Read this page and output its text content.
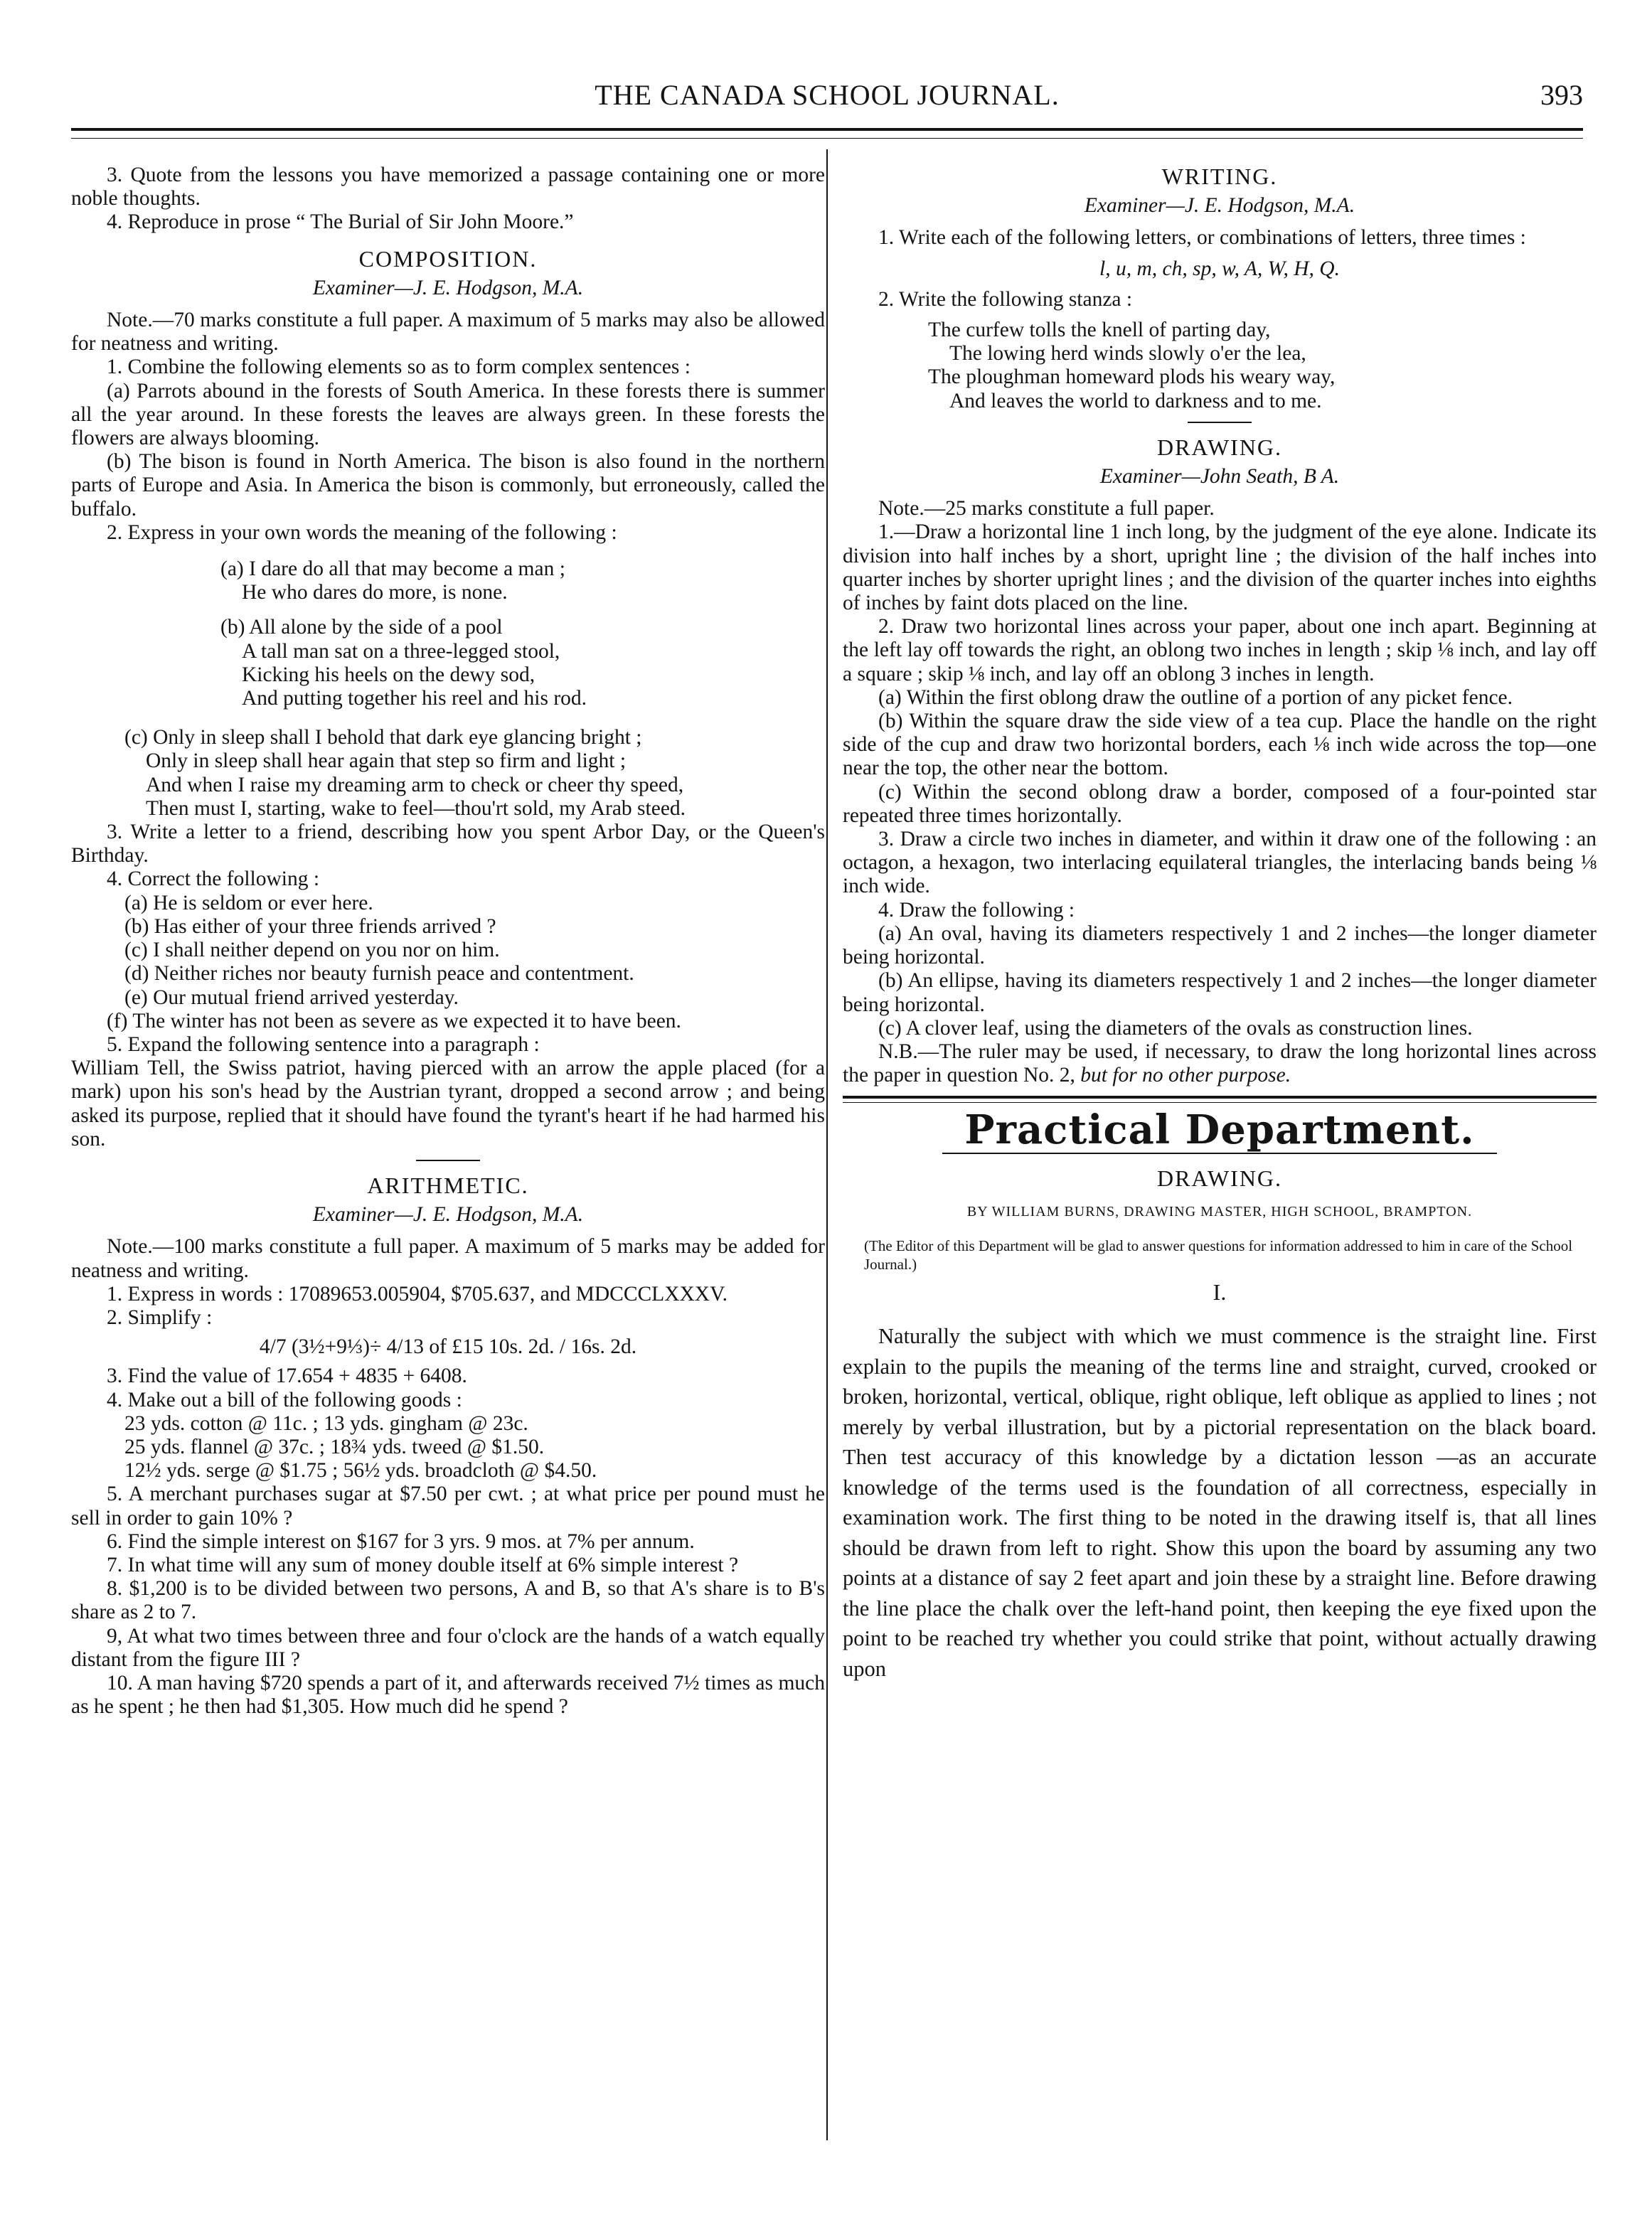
THE CANADA SCHOOL JOURNAL.	393

3. Quote from the lessons you have memorized a passage containing one or more noble thoughts.

4. Reproduce in prose “ The Burial of Sir John Moore.”

COMPOSITION.
Examiner—J. E. Hodgson, M.A.

Note.—70 marks constitute a full paper. A maximum of 5 marks may also be allowed for neatness and writing.

1. Combine the following elements so as to form complex sentences :

(a) Parrots abound in the forests of South America. In these forests there is summer all the year around. In these forests the leaves are always green. In these forests the flowers are always blooming.

(b) The bison is found in North America. The bison is also found in the northern parts of Europe and Asia. In America the bison is commonly, but erroneously, called the buffalo.

2. Express in your own words the meaning of the following :

(a) I dare do all that may become a man ;

He who dares do more, is none.

(b) All alone by the side of a pool

A tall man sat on a three-legged stool,

Kicking his heels on the dewy sod,

And putting together his reel and his rod.

(c) Only in sleep shall I behold that dark eye glancing bright ;

Only in sleep shall hear again that step so firm and light ;

And when I raise my dreaming arm to check or cheer thy speed,

Then must I, starting, wake to feel—thou'rt sold, my Arab steed.

3. Write a letter to a friend, describing how you spent Arbor Day, or the Queen's Birthday.

4. Correct the following :

(a) He is seldom or ever here.

(b) Has either of your three friends arrived ?

(c) I shall neither depend on you nor on him.

(d) Neither riches nor beauty furnish peace and contentment.

(e) Our mutual friend arrived yesterday.

(f) The winter has not been as severe as we expected it to have been.

5. Expand the following sentence into a paragraph :

William Tell, the Swiss patriot, having pierced with an arrow the apple placed (for a mark) upon his son's head by the Austrian tyrant, dropped a second arrow ; and being asked its purpose, replied that it should have found the tyrant's heart if he had harmed his son.

ARITHMETIC.
Examiner—J. E. Hodgson, M.A.

Note.—100 marks constitute a full paper. A maximum of 5 marks may be added for neatness and writing.

1. Express in words : 17089653.005904, $705.637, and MDCCCLXXXV.

2. Simplify :

4/7 (3½+9⅓)÷ 4/13 of £15 10s. 2d. / 16s. 2d.

3. Find the value of 17.654 + 4835 + 6408.

4. Make out a bill of the following goods :

23 yds. cotton @ 11c. ; 13 yds. gingham @ 23c.

25 yds. flannel @ 37c. ; 18¾ yds. tweed @ $1.50.

12½ yds. serge @ $1.75 ; 56½ yds. broadcloth @ $4.50.

5. A merchant purchases sugar at $7.50 per cwt. ; at what price per pound must he sell in order to gain 10% ?

6. Find the simple interest on $167 for 3 yrs. 9 mos. at 7% per annum.

7. In what time will any sum of money double itself at 6% simple interest ?

8. $1,200 is to be divided between two persons, A and B, so that A's share is to B's share as 2 to 7.

9, At what two times between three and four o'clock are the hands of a watch equally distant from the figure III ?

10. A man having $720 spends a part of it, and afterwards received 7½ times as much as he spent ; he then had $1,305. How much did he spend ?

WRITING.
Examiner—J. E. Hodgson, M.A.

1. Write each of the following letters, or combinations of letters, three times :

l, u, m, ch, sp, w, A, W, H, Q.

2. Write the following stanza :

The curfew tolls the knell of parting day,

The lowing herd winds slowly o'er the lea,

The ploughman homeward plods his weary way,

And leaves the world to darkness and to me.

DRAWING.
Examiner—John Seath, B A.

Note.—25 marks constitute a full paper.

1.—Draw a horizontal line 1 inch long, by the judgment of the eye alone. Indicate its division into half inches by a short, upright line ; the division of the half inches into quarter inches by shorter upright lines ; and the division of the quarter inches into eighths of inches by faint dots placed on the line.

2. Draw two horizontal lines across your paper, about one inch apart. Beginning at the left lay off towards the right, an oblong two inches in length ; skip ⅛ inch, and lay off a square ; skip ⅛ inch, and lay off an oblong 3 inches in length.

(a) Within the first oblong draw the outline of a portion of any picket fence.

(b) Within the square draw the side view of a tea cup. Place the handle on the right side of the cup and draw two horizontal borders, each ⅛ inch wide across the top—one near the top, the other near the bottom.

(c) Within the second oblong draw a border, composed of a four-pointed star repeated three times horizontally.

3. Draw a circle two inches in diameter, and within it draw one of the following : an octagon, a hexagon, two interlacing equilateral triangles, the interlacing bands being ⅛ inch wide.

4. Draw the following :

(a) An oval, having its diameters respectively 1 and 2 inches—the longer diameter being horizontal.

(b) An ellipse, having its diameters respectively 1 and 2 inches—the longer diameter being horizontal.

(c) A clover leaf, using the diameters of the ovals as construction lines.

N.B.—The ruler may be used, if necessary, to draw the long horizontal lines across the paper in question No. 2, but for no other purpose.

Practical Department.
DRAWING.
BY WILLIAM BURNS, DRAWING MASTER, HIGH SCHOOL, BRAMPTON.

(The Editor of this Department will be glad to answer questions for information addressed to him in care of the School Journal.)

I.

Naturally the subject with which we must commence is the straight line. First explain to the pupils the meaning of the terms line and straight, curved, crooked or broken, horizontal, vertical, oblique, right oblique, left oblique as applied to lines ; not merely by verbal illustration, but by a pictorial representation on the black board. Then test accuracy of this knowledge by a dictation lesson —as an accurate knowledge of the terms used is the foundation of all correctness, especially in examination work. The first thing to be noted in the drawing itself is, that all lines should be drawn from left to right. Show this upon the board by assuming any two points at a distance of say 2 feet apart and join these by a straight line. Before drawing the line place the chalk over the left-hand point, then keeping the eye fixed upon the point to be reached try whether you could strike that point, without actually drawing upon
